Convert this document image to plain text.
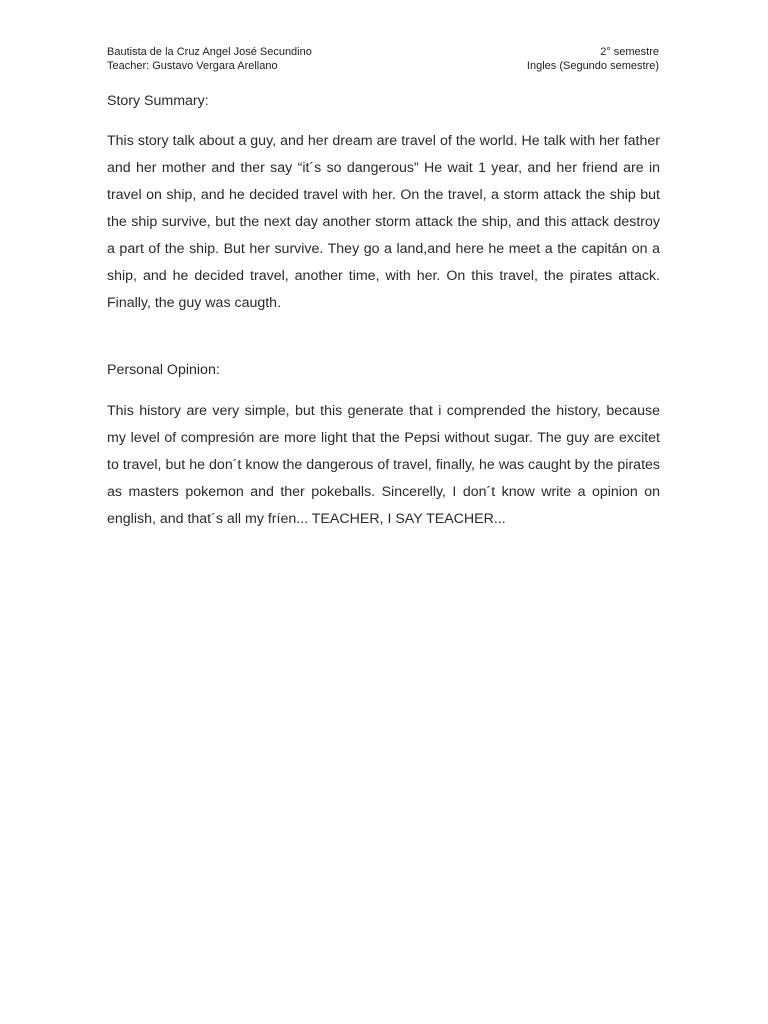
Bautista de la Cruz Angel José Secundino
Teacher: Gustavo Vergara Arellano
2° semestre
Ingles (Segundo semestre)
Story Summary:

This story talk about a guy, and her dream are travel of the world. He talk with her father and her mother and ther say “it´s so dangerous” He wait 1 year, and her friend are in travel on ship, and he decided travel with her. On the travel, a storm attack the ship but the ship survive, but the next day another storm attack the ship, and this attack destroy a part of the ship. But her survive. They go a land,and here he meet a the capitán on a ship, and he decided travel, another time, with her. On this travel, the pirates attack. Finally, the guy was caugth.

Personal Opinion:

This history are very simple, but this generate that i comprended the history, because my level of compresión are more light that the Pepsi without sugar. The guy are excitet to travel, but he don´t know the dangerous of travel, finally, he was caught by the pirates as masters pokemon and ther pokeballs. Sincerelly, I don´t know write a opinion on english, and that´s all my fríen... TEACHER, I SAY TEACHER...
